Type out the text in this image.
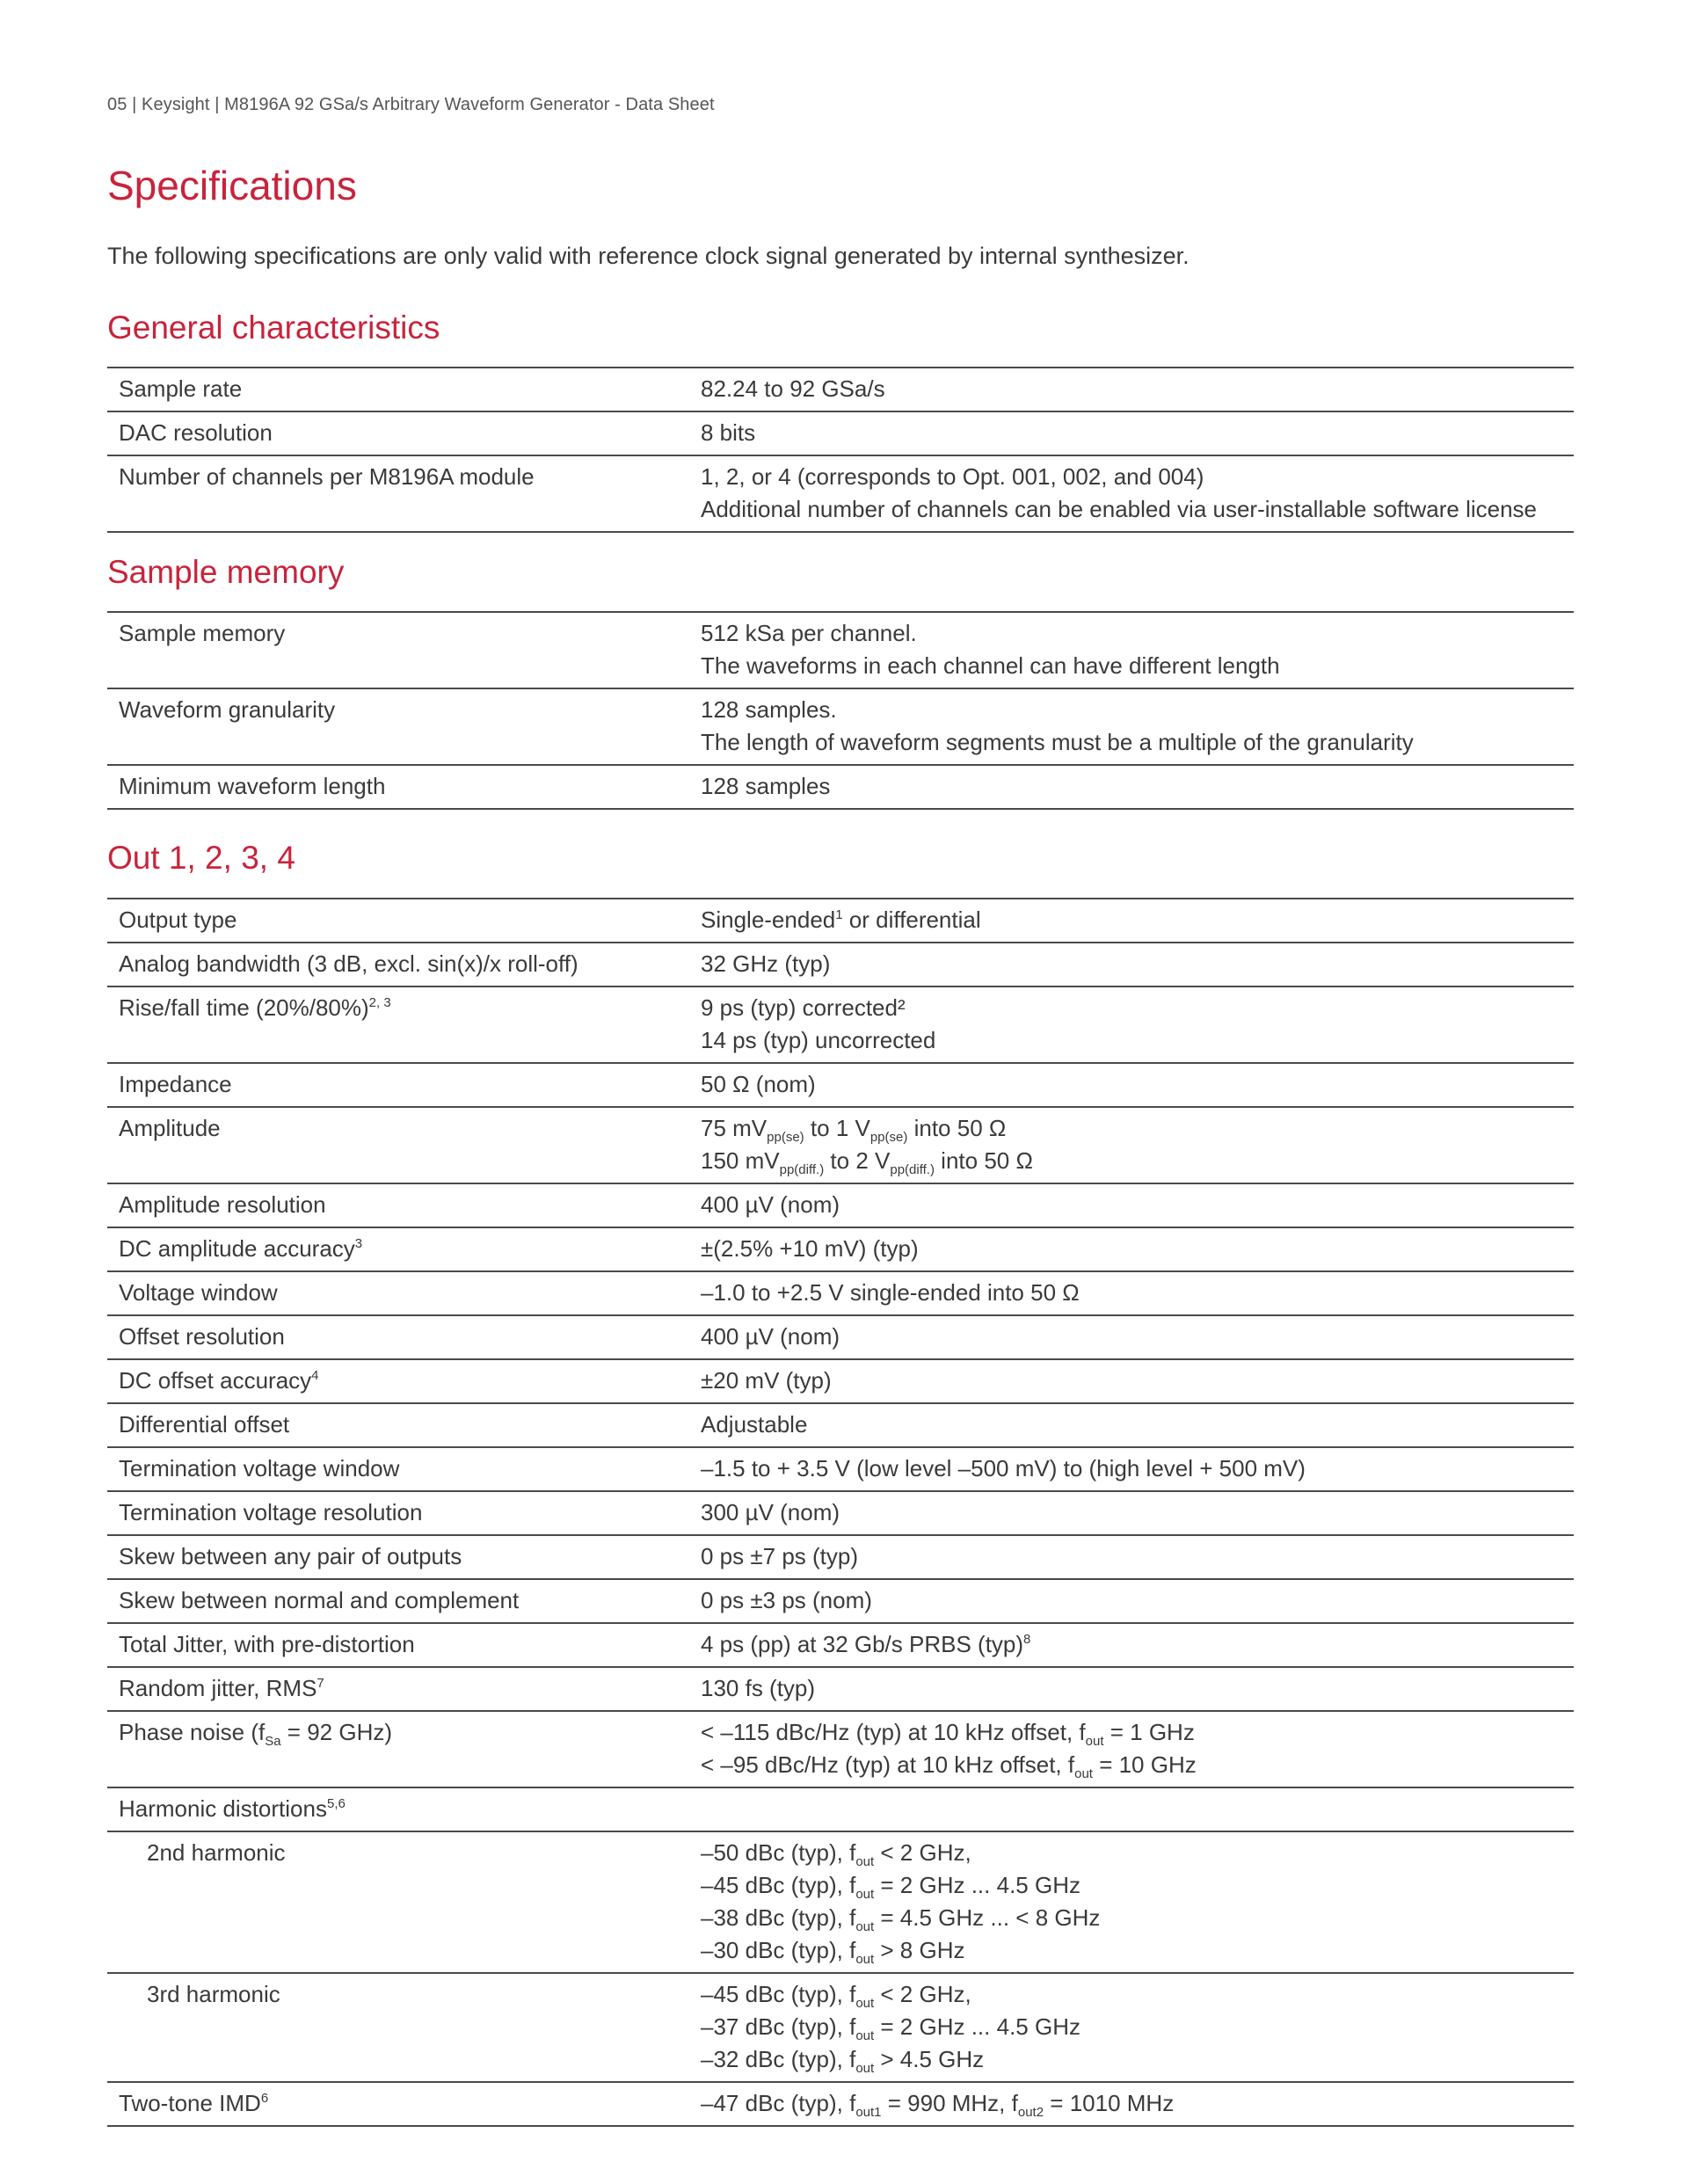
05 | Keysight | M8196A 92 GSa/s Arbitrary Waveform Generator - Data Sheet
Specifications
The following specifications are only valid with reference clock signal generated by internal synthesizer.
General characteristics
Sample rate	82.24 to 92 GSa/s

DAC resolution	8 bits

Number of channels per M8196A module	1, 2, or 4 (corresponds to Opt. 001, 002, and 004)
Additional number of channels can be enabled via user-installable software license
Sample memory
Sample memory	512 kSa per channel.
The waveforms in each channel can have different length

Waveform granularity	128 samples.
The length of waveform segments must be a multiple of the granularity

Minimum waveform length	128 samples
Out 1, 2, 3, 4
Output type	Single-ended$^1$ or differential
Analog bandwidth (3 dB, excl. sin(x)/x roll-off)	32 GHz (typ)
Rise/fall time $(20\%/80\%)^{2, 3}$	9 ps (typ) corrected²
14 ps (typ) uncorrected

Impedance	50 Ω (nom)
Amplitude	75 $mV_{pp(se)}$ to 1 $V_{pp(se)}$ into 50 Ω
150 $mV_{pp(diff.)}$ to 2 $V_{pp(diff.)}$ into 50 Ω

Amplitude resolution	400 µV (nom)
DC amplitude accuracy$^3$	±(2.5% +10 mV) (typ)
Voltage window	–1.0 to +2.5 V single-ended into 50 Ω
Offset resolution	400 µV (nom)
DC offset accuracy$^4$	±20 mV (typ)
Differential offset	Adjustable
Termination voltage window	–1.5 to + 3.5 V (low level –500 mV) to (high level + 500 mV)
Termination voltage resolution	300 µV (nom)
Skew between any pair of outputs	0 ps ±7 ps (typ)
Skew between normal and complement	0 ps ±3 ps (nom)
Total Jitter, with pre-distortion	4 ps (pp) at 32 Gb/s PRBS (typ)$^8$
Random jitter, RMS$^7$	130 fs (typ)
Phase noise ($f_{Sa} = 92$ GHz)	< –115 dBc/Hz (typ) at 10 kHz offset, $f_{out} = 1$ GHz
< –95 dBc/Hz (typ) at 10 kHz offset, $f_{out} = 10$ GHz

Harmonic distortions$^{5,6}$	
2nd harmonic	–50 dBc (typ), $f_{out} < 2$ GHz,
–45 dBc (typ), $f_{out} = 2$ GHz ... 4.5 GHz
–38 dBc (typ), $f_{out} = 4.5$ GHz ... < 8 GHz
–30 dBc (typ), $f_{out} > 8$ GHz

3rd harmonic	–45 dBc (typ), $f_{out} < 2$ GHz,
–37 dBc (typ), $f_{out} = 2$ GHz ... 4.5 GHz
–32 dBc (typ), $f_{out} > 4.5$ GHz

Two-tone IMD$^6$	–47 dBc (typ), $f_{out1} = 990$ MHz, $f_{out2} = 1010$ MHz
